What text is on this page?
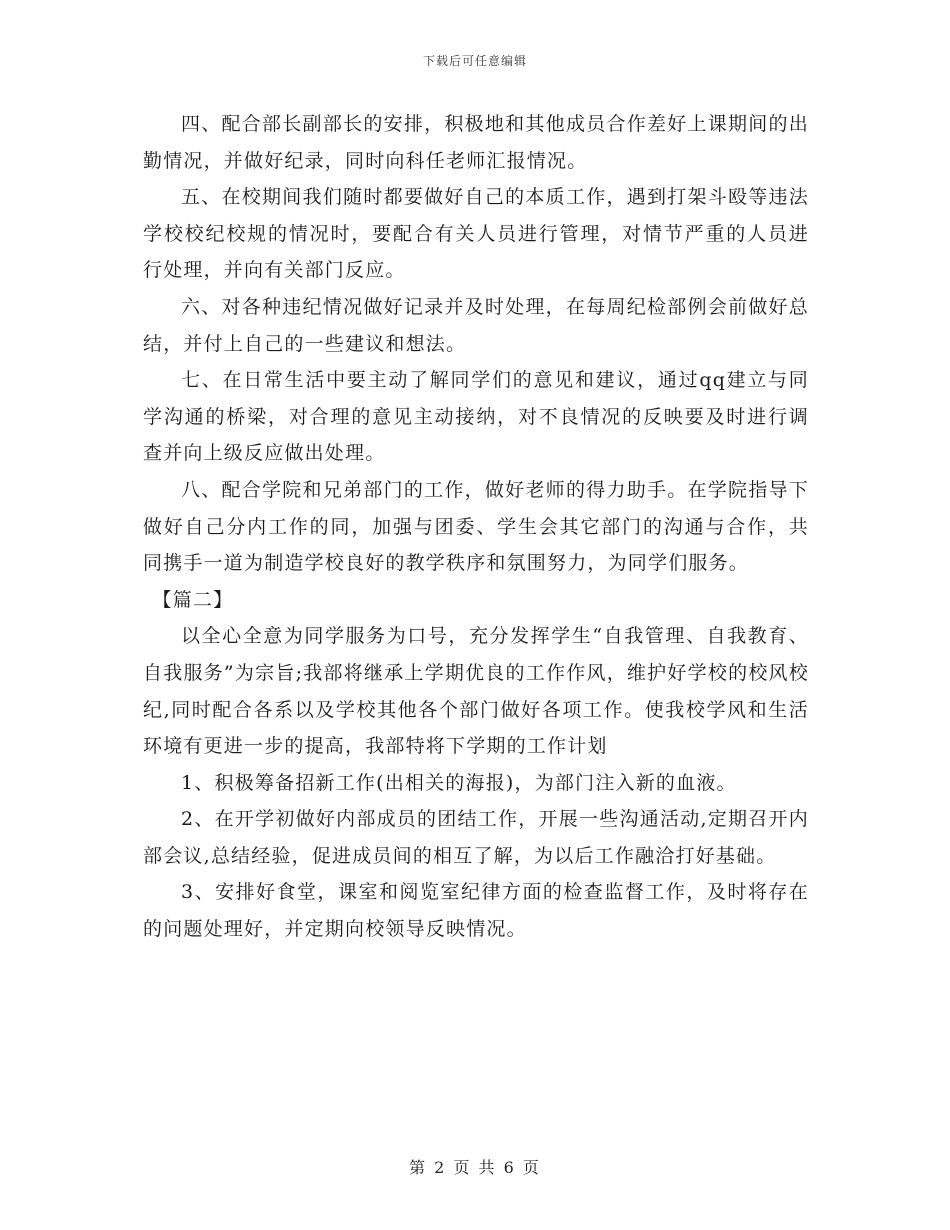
下载后可任意编辑

四、配合部长副部长的安排，积极地和其他成员合作差好上课期间的出勤情况，并做好纪录，同时向科任老师汇报情况。

五、在校期间我们随时都要做好自己的本质工作，遇到打架斗殴等违法学校校纪校规的情况时，要配合有关人员进行管理，对情节严重的人员进行处理，并向有关部门反应。

六、对各种违纪情况做好记录并及时处理，在每周纪检部例会前做好总结，并付上自己的一些建议和想法。

七、在日常生活中要主动了解同学们的意见和建议，通过qq建立与同学沟通的桥梁，对合理的意见主动接纳，对不良情况的反映要及时进行调查并向上级反应做出处理。

八、配合学院和兄弟部门的工作，做好老师的得力助手。在学院指导下做好自己分内工作的同，加强与团委、学生会其它部门的沟通与合作，共同携手一道为制造学校良好的教学秩序和氛围努力，为同学们服务。

【篇二】

以全心全意为同学服务为口号，充分发挥学生“自我管理、自我教育、自我服务”为宗旨;我部将继承上学期优良的工作作风，维护好学校的校风校纪,同时配合各系以及学校其他各个部门做好各项工作。使我校学风和生活环境有更进一步的提高，我部特将下学期的工作计划

1、积极筹备招新工作(出相关的海报)，为部门注入新的血液。

2、在开学初做好内部成员的团结工作，开展一些沟通活动,定期召开内部会议,总结经验，促进成员间的相互了解，为以后工作融洽打好基础。

3、安排好食堂，课室和阅览室纪律方面的检查监督工作，及时将存在的问题处理好，并定期向校领导反映情况。

第 2 页 共 6 页
